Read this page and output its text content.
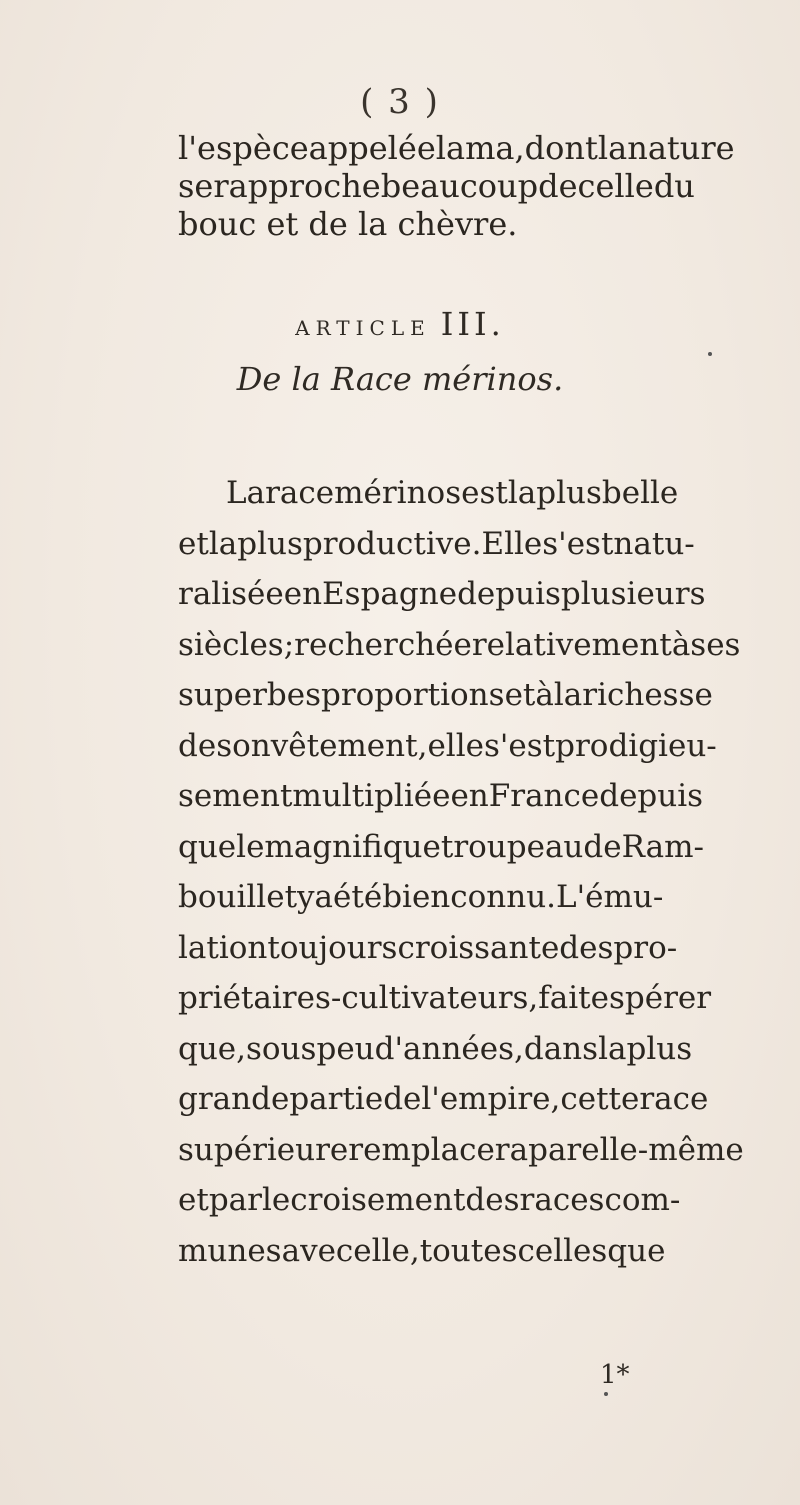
( 3 )
l'espèce appelée lama, dont la nature
se rapproche beaucoup de celle du
bouc et de la chèvre.
ARTICLE III.
De la Race mérinos.
La race mérinos est la plus belle
et la plus productive. Elle s'est natu-
ralisée en Espagne depuis plusieurs
siècles ; recherchée relativement à ses
superbes proportions et à la richesse
de son vêtement, elle s'est prodigieu-
sement multipliée en France depuis
que le magnifique troupeau de Ram-
bouillet y a été bien connu. L'ému-
lation toujours croissante des pro-
priétaires-cultivateurs, fait espérer
que, sous peu d'années, dans la plus
grande partie de l'empire, cette race
supérieure remplacera par elle-même
et par le croisement des races com-
munes avec elle , toutes celles que
1*
